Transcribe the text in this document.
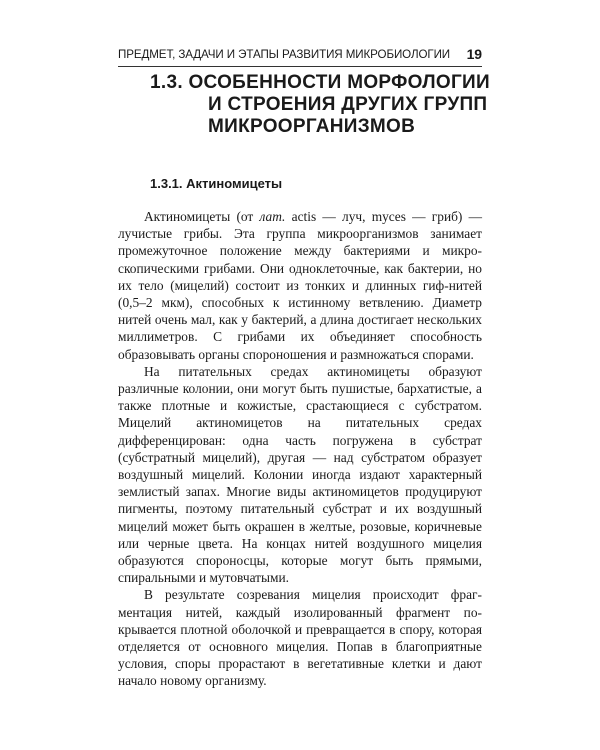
ПРЕДМЕТ, ЗАДАЧИ И ЭТАПЫ РАЗВИТИЯ МИКРОБИОЛОГИИ 19
1.3. ОСОБЕННОСТИ МОРФОЛОГИИ
И СТРОЕНИЯ ДРУГИХ ГРУПП
МИКРООРГАНИЗМОВ
1.3.1. Актиномицеты

Актиномицеты (от лат. actis — луч, myces — гриб) — лучистые грибы. Эта группа микроорганизмов занимает промежуточное положение между бактериями и микроскопическими грибами. Они одноклеточные, как бактерии, но их тело (мицелий) состоит из тонких и длинных гиф-нитей (0,5–2 мкм), способных к истинному ветвлению. Диаметр нитей очень мал, как у бактерий, а длина достигает нескольких миллиметров. С грибами их объединяет способность образовывать органы спороношения и размножаться спорами.

На питательных средах актиномицеты образуют различные колонии, они могут быть пушистые, бархатистые, а также плотные и кожистые, срастающиеся с субстратом. Мицелий актиномицетов на питательных средах дифференцирован: одна часть погружена в субстрат (субстратный мицелий), другая — над субстратом образует воздушный мицелий. Колонии иногда издают характерный землистый запах. Многие виды актиномицетов продуцируют пигменты, поэтому питательный субстрат и их воздушный мицелий может быть окрашен в желтые, розовые, коричневые или черные цвета. На концах нитей воздушного мицелия образуются спороносцы, которые могут быть прямыми, спиральными и мутовчатыми.

В результате созревания мицелия происходит фрагментация нитей, каждый изолированный фрагмент покрывается плотной оболочкой и превращается в спору, которая отделяется от основного мицелия. Попав в благоприятные условия, споры прорастают в вегетативные клетки и дают начало новому организму.
